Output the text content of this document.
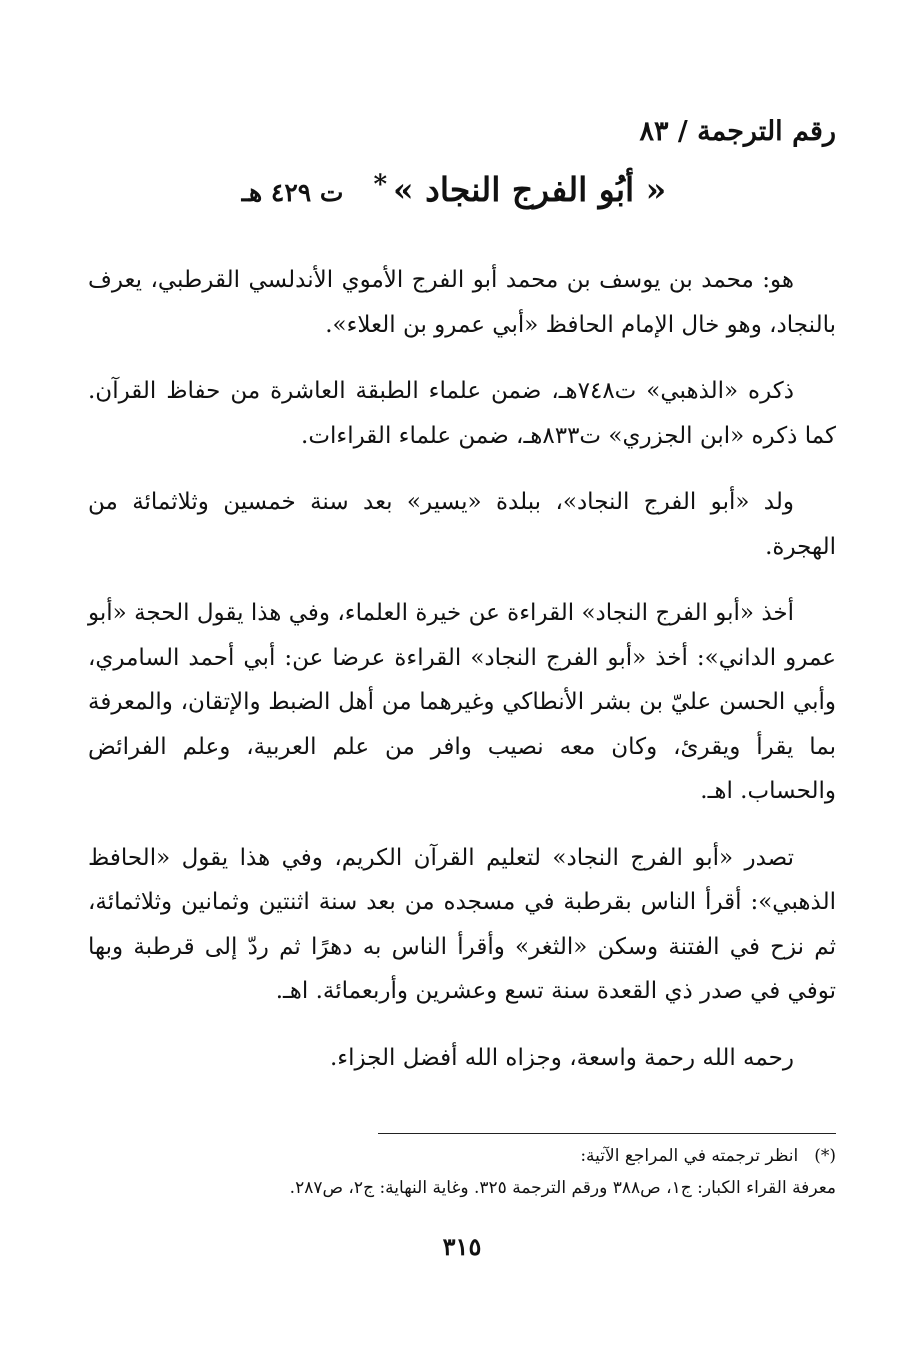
رقم الترجمة / ٨٣
« أبُو الفرج النجاد »*ت ٤٢٩ هـ

هو: محمد بن يوسف بن محمد أبو الفرج الأموي الأندلسي القرطبي، يعرف بالنجاد، وهو خال الإمام الحافظ «أبي عمرو بن العلاء».

ذكره «الذهبي» ت٧٤٨هـ، ضمن علماء الطبقة العاشرة من حفاظ القرآن. كما ذكره «ابن الجزري» ت٨٣٣هـ، ضمن علماء القراءات.

ولد «أبو الفرج النجاد»، ببلدة «يسير» بعد سنة خمسين وثلاثمائة من الهجرة.

أخذ «أبو الفرج النجاد» القراءة عن خيرة العلماء، وفي هذا يقول الحجة «أبو عمرو الداني»: أخذ «أبو الفرج النجاد» القراءة عرضا عن: أبي أحمد السامري، وأبي الحسن عليّ بن بشر الأنطاكي وغيرهما من أهل الضبط والإتقان، والمعرفة بما يقرأ ويقرئ، وكان معه نصيب وافر من علم العربية، وعلم الفرائض والحساب. اهـ.

تصدر «أبو الفرج النجاد» لتعليم القرآن الكريم، وفي هذا يقول «الحافظ الذهبي»: أقرأ الناس بقرطبة في مسجده من بعد سنة اثنتين وثمانين وثلاثمائة، ثم نزح في الفتنة وسكن «الثغر» وأقرأ الناس به دهرًا ثم ردّ إلى قرطبة وبها توفي في صدر ذي القعدة سنة تسع وعشرين وأربعمائة. اهـ.

رحمه الله رحمة واسعة، وجزاه الله أفضل الجزاء.

(*)انظر ترجمته في المراجع الآتية:
معرفة القراء الكبار: ج١، ص٣٨٨ ورقم الترجمة ٣٢٥. وغاية النهاية: ج٢، ص٢٨٧.
٣١٥
